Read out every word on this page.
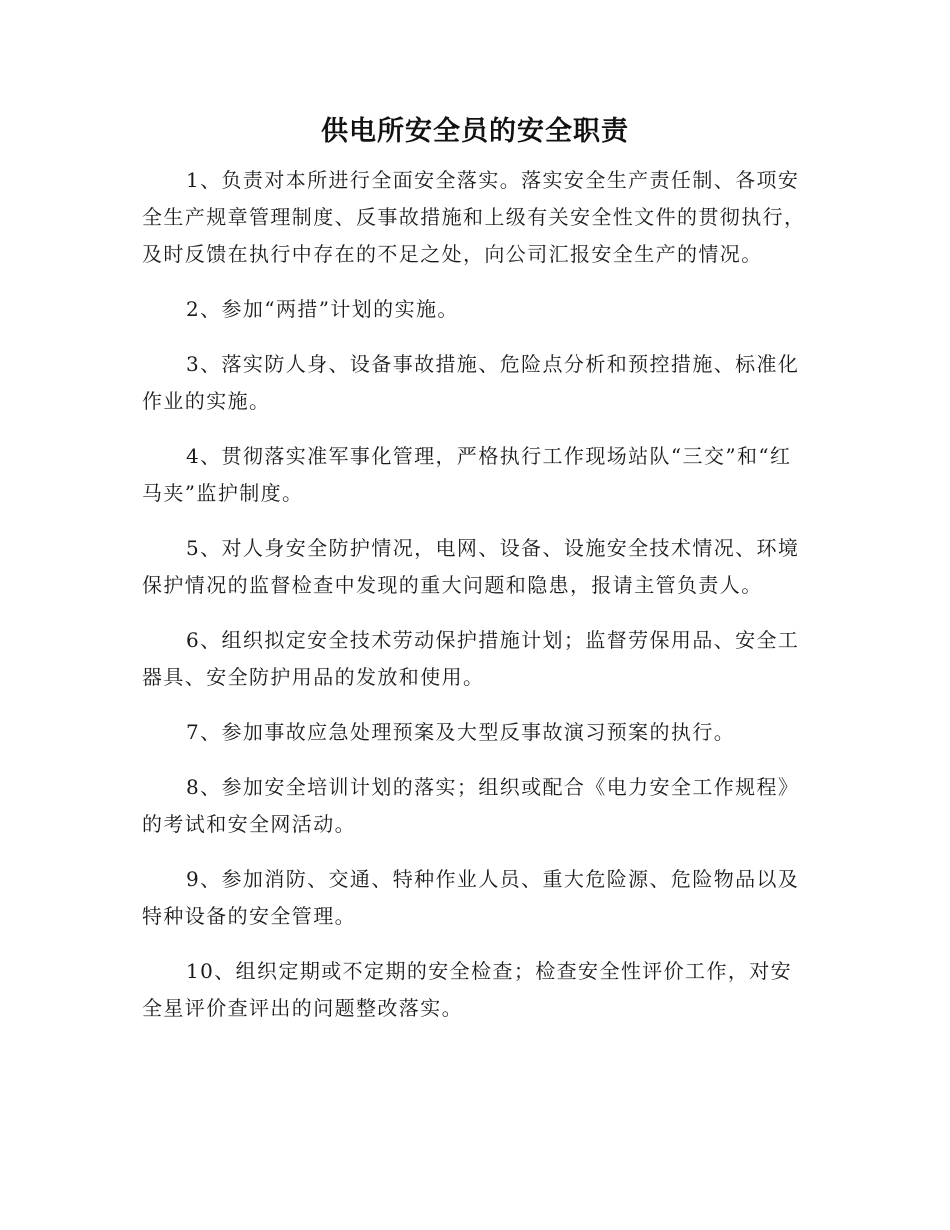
供电所安全员的安全职责

1、负责对本所进行全面安全落实。落实安全生产责任制、各项安全生产规章管理制度、反事故措施和上级有关安全性文件的贯彻执行，及时反馈在执行中存在的不足之处，向公司汇报安全生产的情况。

2、参加“两措”计划的实施。

3、落实防人身、设备事故措施、危险点分析和预控措施、标准化作业的实施。

4、贯彻落实准军事化管理，严格执行工作现场站队“三交”和“红马夹”监护制度。

5、对人身安全防护情况，电网、设备、设施安全技术情况、环境保护情况的监督检查中发现的重大问题和隐患，报请主管负责人。

6、组织拟定安全技术劳动保护措施计划；监督劳保用品、安全工器具、安全防护用品的发放和使用。

7、参加事故应急处理预案及大型反事故演习预案的执行。

8、参加安全培训计划的落实；组织或配合《电力安全工作规程》的考试和安全网活动。

9、参加消防、交通、特种作业人员、重大危险源、危险物品以及特种设备的安全管理。

10、组织定期或不定期的安全检查；检查安全性评价工作，对安全星评价查评出的问题整改落实。
